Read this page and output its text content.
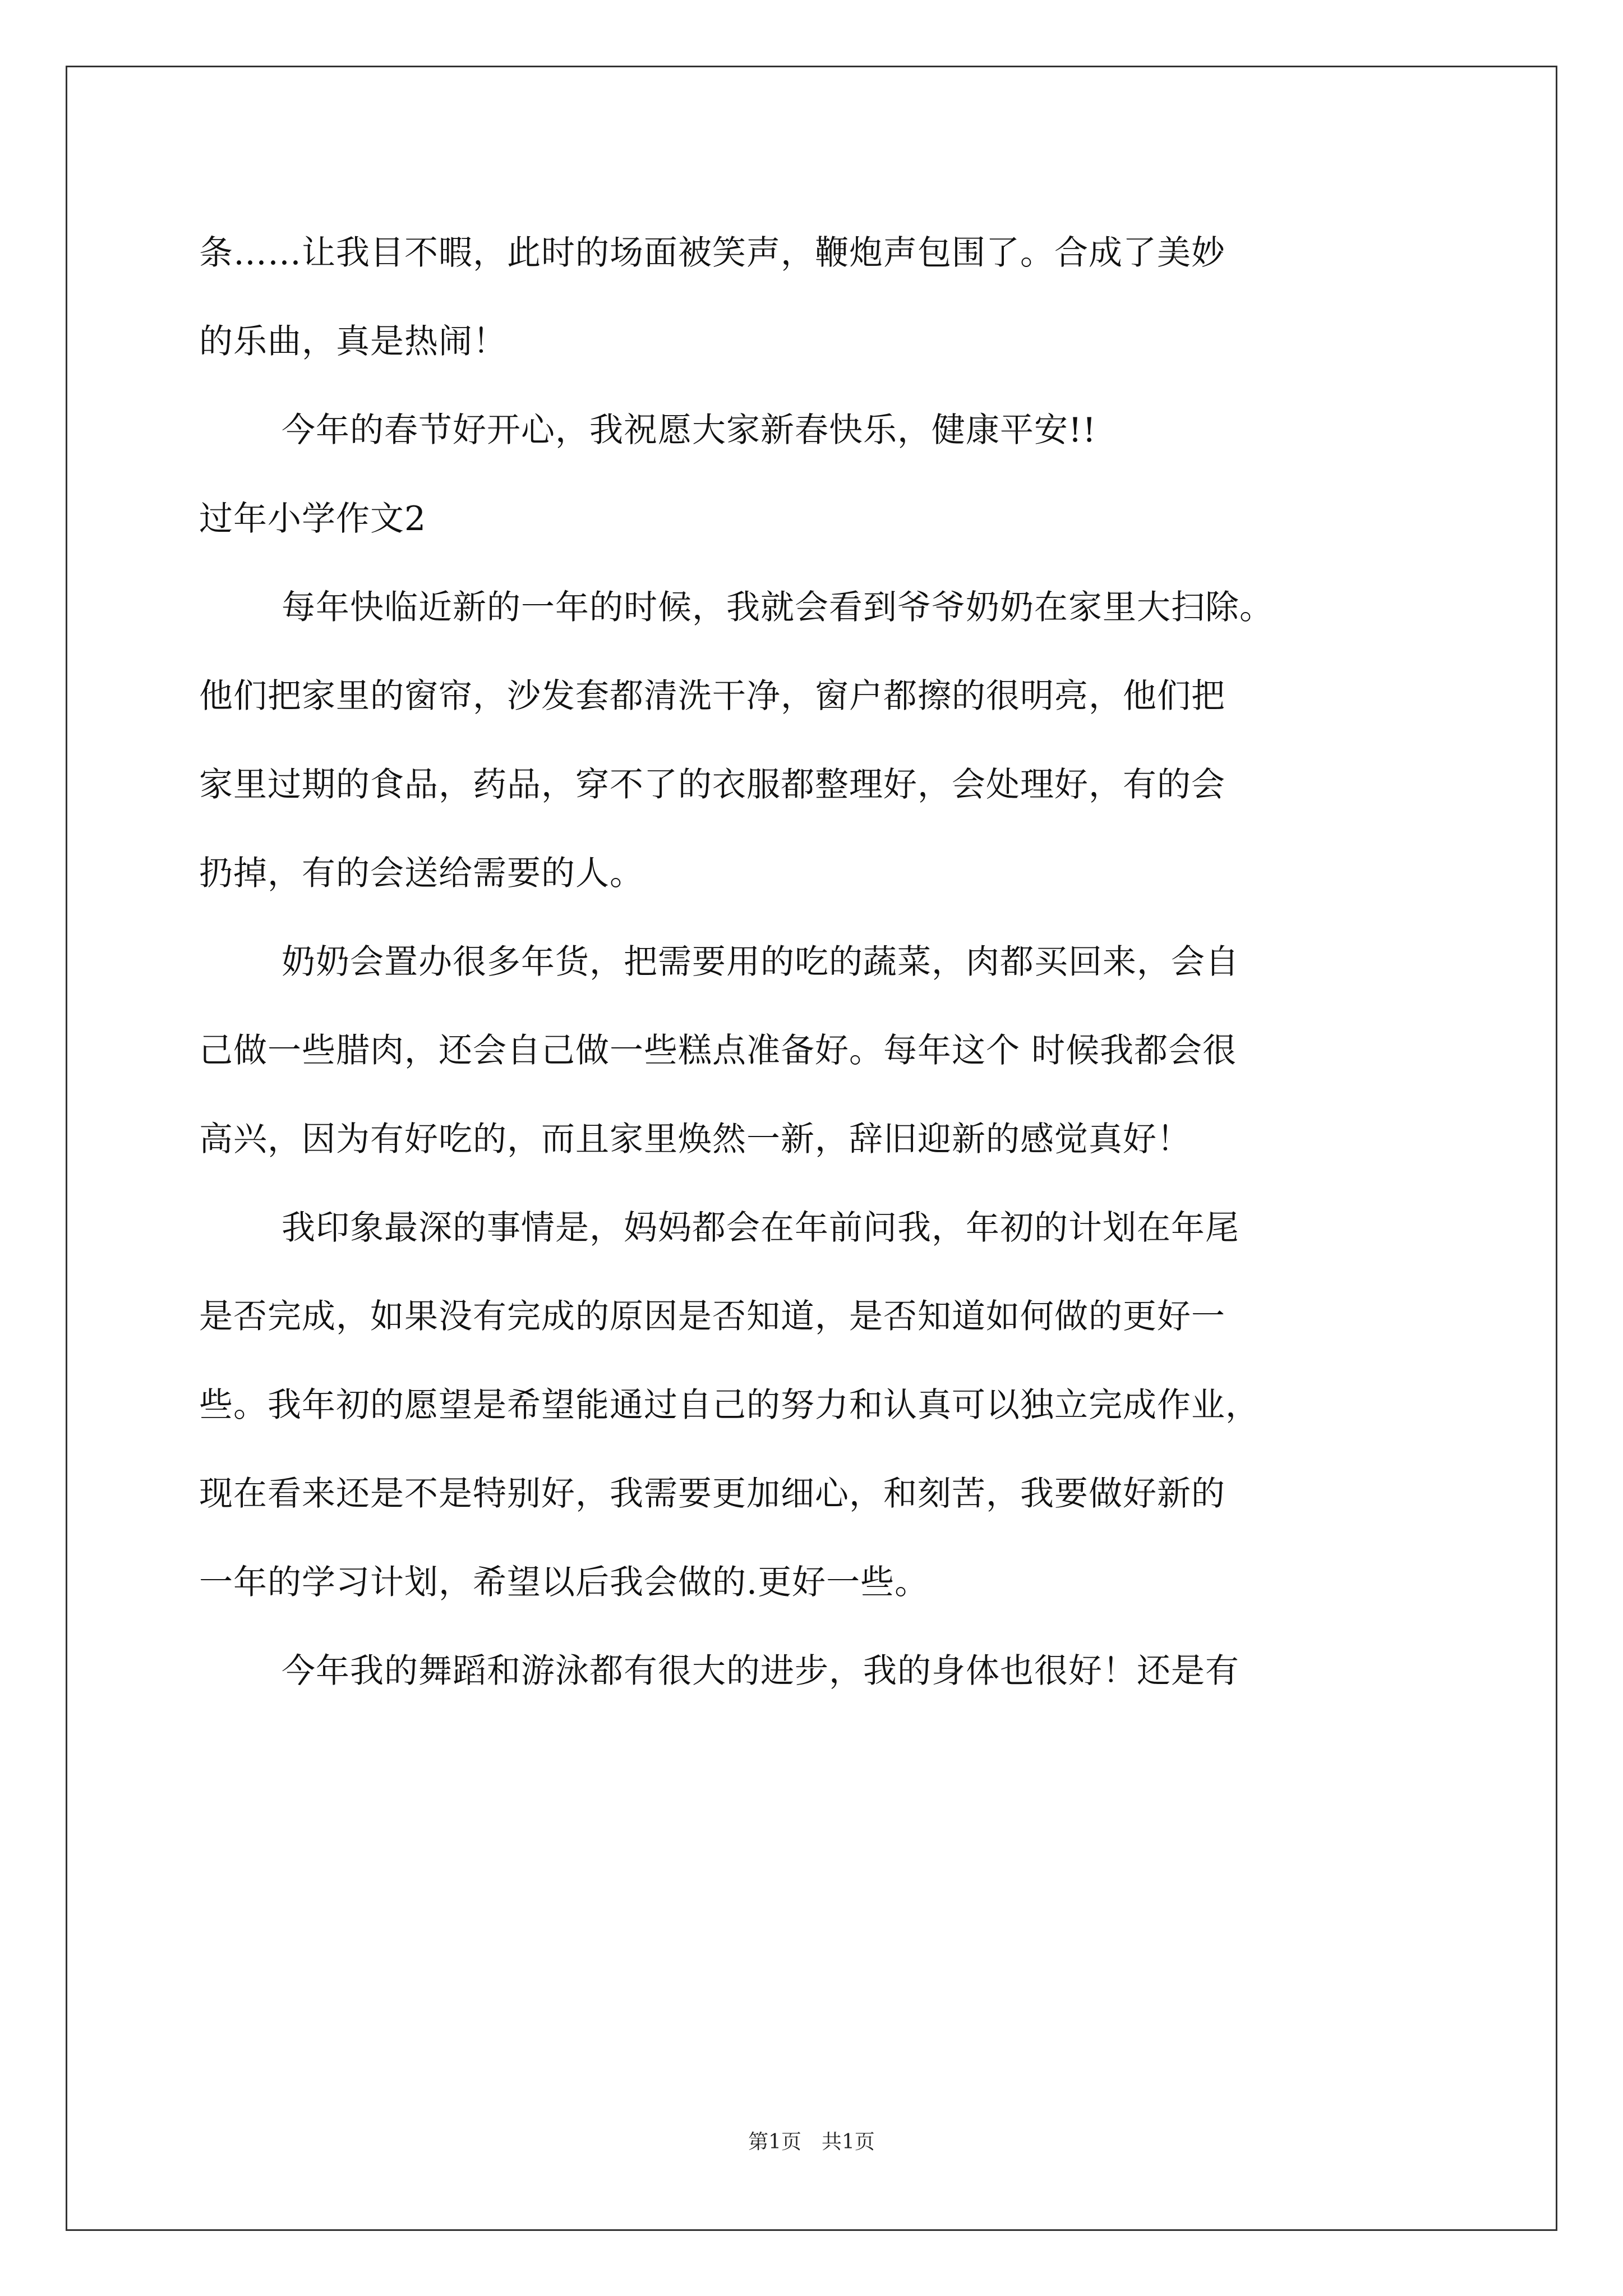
条……让我目不暇，此时的场面被笑声，鞭炮声包围了。合成了美妙
的乐曲，真是热闹！
今年的春节好开心，我祝愿大家新春快乐，健康平安!!
过年小学作文2
每年快临近新的一年的时候，我就会看到爷爷奶奶在家里大扫除。
他们把家里的窗帘，沙发套都清洗干净，窗户都擦的很明亮，他们把
家里过期的食品，药品，穿不了的衣服都整理好，会处理好，有的会
扔掉，有的会送给需要的人。
奶奶会置办很多年货，把需要用的吃的蔬菜，肉都买回来，会自
己做一些腊肉，还会自己做一些糕点准备好。每年这个 时候我都会很
高兴，因为有好吃的，而且家里焕然一新，辞旧迎新的感觉真好！
我印象最深的事情是，妈妈都会在年前问我，年初的计划在年尾
是否完成，如果没有完成的原因是否知道，是否知道如何做的更好一
些。我年初的愿望是希望能通过自己的努力和认真可以独立完成作业，
现在看来还是不是特别好，我需要更加细心，和刻苦，我要做好新的
一年的学习计划，希望以后我会做的.更好一些。
今年我的舞蹈和游泳都有很大的进步，我的身体也很好！还是有
第1页　共1页
